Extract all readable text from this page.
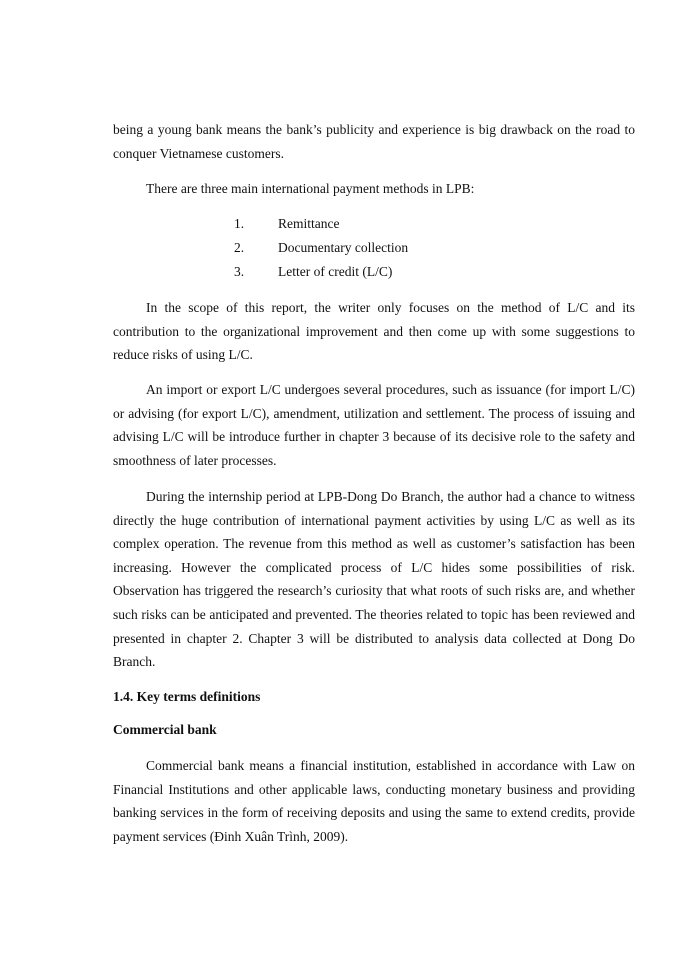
being a young bank means the bank’s publicity and experience is big drawback on the road to conquer Vietnamese customers.

There are three main international payment methods in LPB:

1.	Remittance
2.	Documentary collection
3.	Letter of credit (L/C)

In the scope of this report, the writer only focuses on the method of L/C and its contribution to the organizational improvement and then come up with some suggestions to reduce risks of using L/C.

An import or export L/C undergoes several procedures, such as issuance (for import L/C) or advising (for export L/C), amendment, utilization and settlement. The process of issuing and advising L/C will be introduce further in chapter 3 because of its decisive role to the safety and smoothness of later processes.

During the internship period at LPB-Dong Do Branch, the author had a chance to witness directly the huge contribution of international payment activities by using L/C as well as its complex operation. The revenue from this method as well as customer’s satisfaction has been increasing. However the complicated process of L/C hides some possibilities of risk. Observation has triggered the research’s curiosity that what roots of such risks are, and whether such risks can be anticipated and prevented. The theories related to topic has been reviewed and presented in chapter 2. Chapter 3 will be distributed to analysis data collected at Dong Do Branch.

1.4. Key terms definitions
Commercial bank

Commercial bank means a financial institution, established in accordance with Law on Financial Institutions and other applicable laws, conducting monetary business and providing banking services in the form of receiving deposits and using the same to extend credits, provide payment services (Đinh Xuân Trình, 2009).
